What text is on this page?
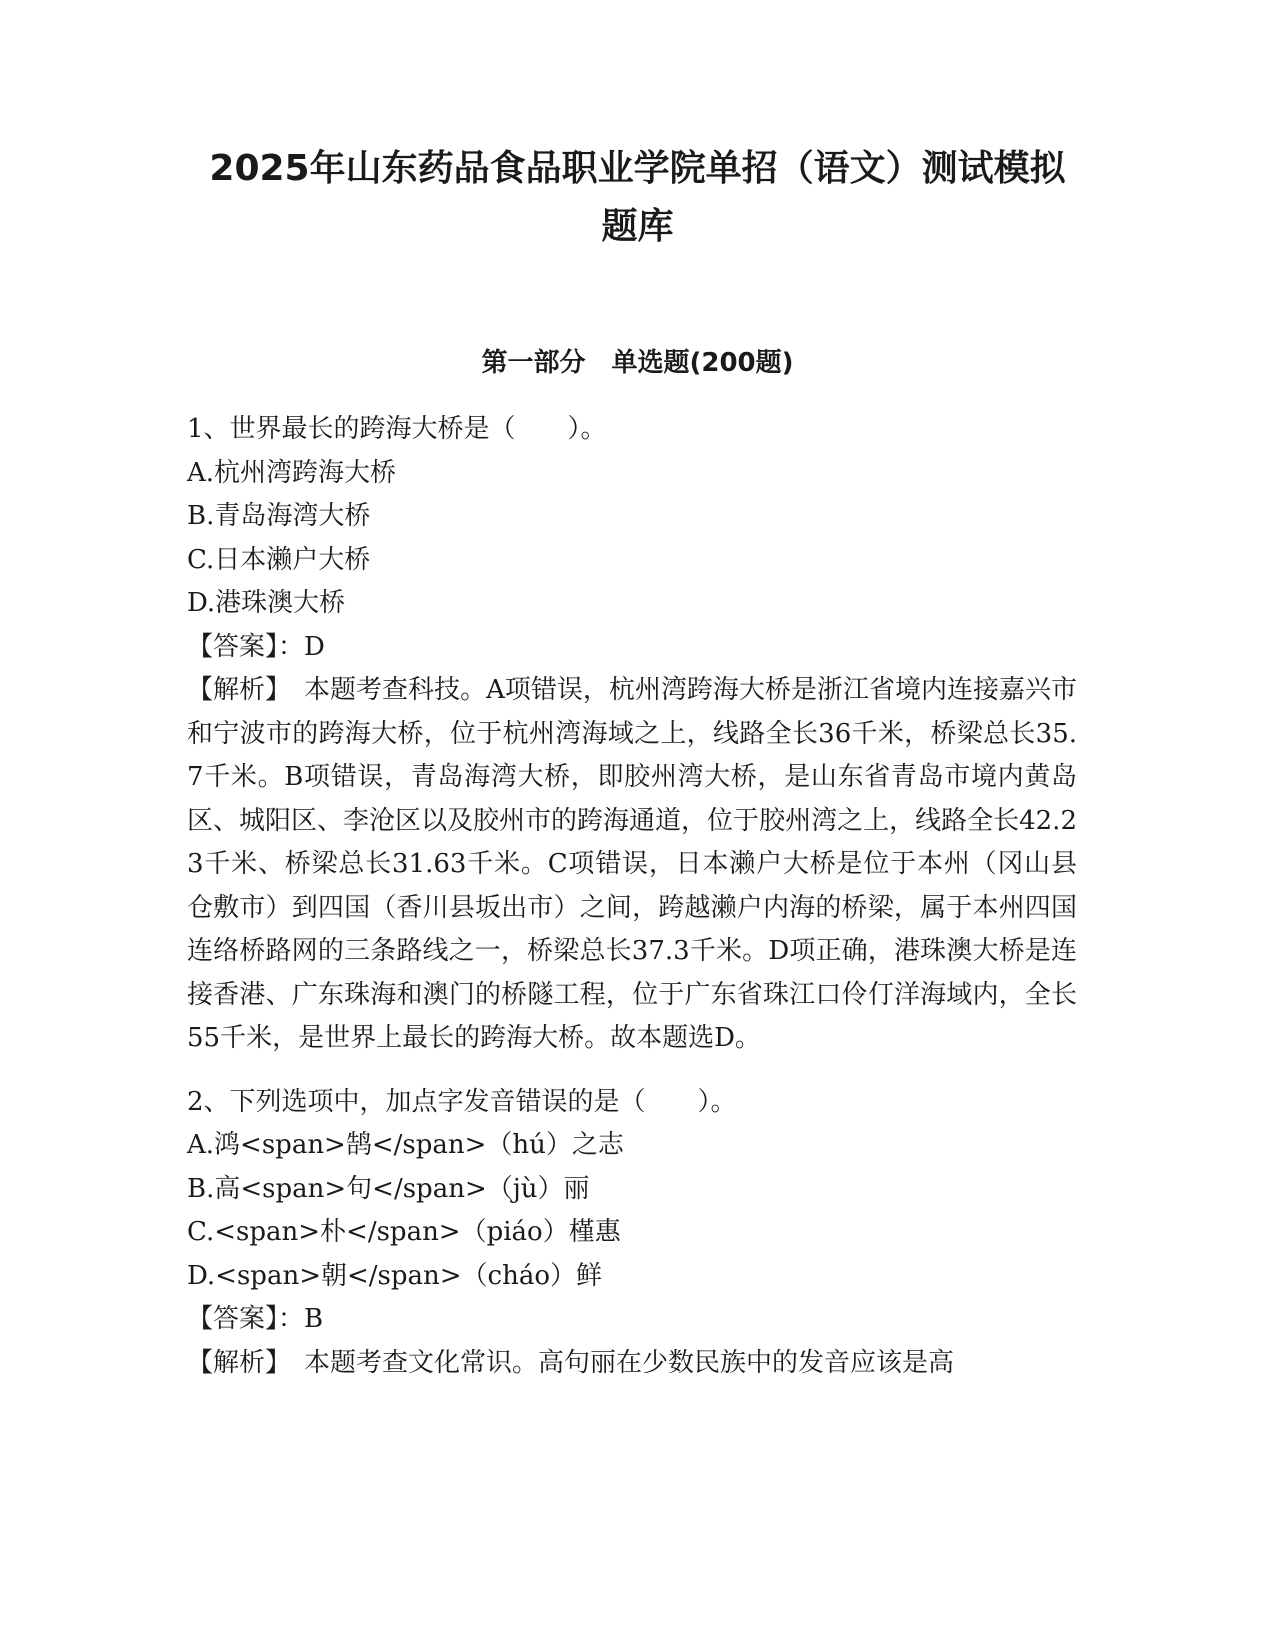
2025年山东药品食品职业学院单招（语文）测试模拟
题库
第一部分　单选题(200题)
1、世界最长的跨海大桥是（　　）。
A.杭州湾跨海大桥
B.青岛海湾大桥
C.日本濑户大桥
D.港珠澳大桥
【答案】：D
【解析】　本题考查科技。A项错误，杭州湾跨海大桥是浙江省境内连接嘉兴市和宁波市的跨海大桥，位于杭州湾海域之上，线路全长36千米，桥梁总长35.7千米。B项错误，青岛海湾大桥，即胶州湾大桥，是山东省青岛市境内黄岛区、城阳区、李沧区以及胶州市的跨海通道，位于胶州湾之上，线路全长42.23千米、桥梁总长31.63千米。C项错误，日本濑户大桥是位于本州（冈山县仓敷市）到四国（香川县坂出市）之间，跨越濑户内海的桥梁，属于本州四国连络桥路网的三条路线之一，桥梁总长37.3千米。D项正确，港珠澳大桥是连接香港、广东珠海和澳门的桥隧工程，位于广东省珠江口伶仃洋海域内，全长55千米，是世界上最长的跨海大桥。故本题选D。
2、下列选项中，加点字发音错误的是（　　）。
A.鸿<span>鹄</span>（hú）之志
B.高<span>句</span>（jù）丽
C.<span>朴</span>（piáo）槿惠
D.<span>朝</span>（cháo）鲜
【答案】：B
【解析】　本题考查文化常识。高句丽在少数民族中的发音应该是高
